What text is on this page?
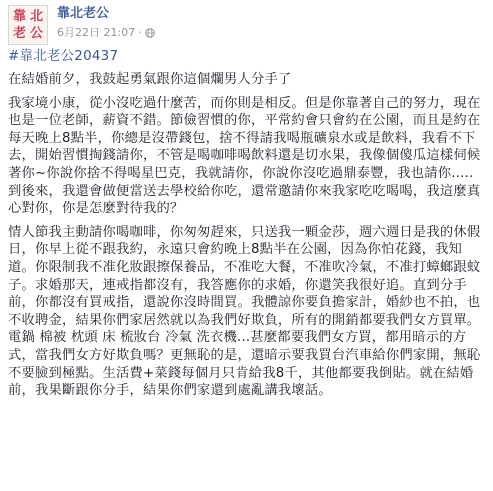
靠 北
老 公
靠北老公
6月22日 21:07 ·
#靠北老公20437

在結婚前夕，我鼓起勇氣跟你這個爛男人分手了

我家境小康，從小沒吃過什麼苦，而你則是相反。但是你靠著自己的努力，現在也是一位老師，薪資不錯。節儉習慣的你，平常約會只會約在公園，而且是約在每天晚上8點半，你總是沒帶錢包，捨不得請我喝瓶礦泉水或是飲料，我看不下去，開始習慣掏錢請你，不管是喝咖啡喝飲料還是切水果，我像個傻瓜這樣伺候著你~你說你捨不得喝星巴克，我就請你，你說你沒吃過鼎泰豐，我也請你.....到後來，我還會做便當送去學校給你吃，還常邀請你來我家吃吃喝喝，我這麼真心對你，你是怎麼對待我的？

情人節我主動請你喝咖啡，你匆匆趕來，只送我一顆金莎，週六週日是我的休假日，你早上從不跟我約，永遠只會約晚上8點半在公園，因為你怕花錢，我知道。你限制我不准化妝跟擦保養品，不准吃大餐，不准吹冷氣，不准打蟑螂跟蚊子。求婚那天，連戒指都沒有，我答應你的求婚，你還笑我很好追。直到分手前，你都沒有買戒指，還說你沒時間買。我體諒你要負擔家計，婚紗也不拍，也不收聘金，結果你們家居然就以為我們好欺負，所有的開銷都要我們女方買單。電鍋 棉被 枕頭 床 梳妝台 冷氣 洗衣機...甚麼都要我們女方買，都用暗示的方式，當我們女方好欺負嗎？更無恥的是，還暗示要我買台汽車給你們家開，無恥不要臉到極點。生活費+菜錢每個月只肯給我8千，其他都要我倒貼。就在結婚前，我果斷跟你分手，結果你們家還到處亂講我壞話。
